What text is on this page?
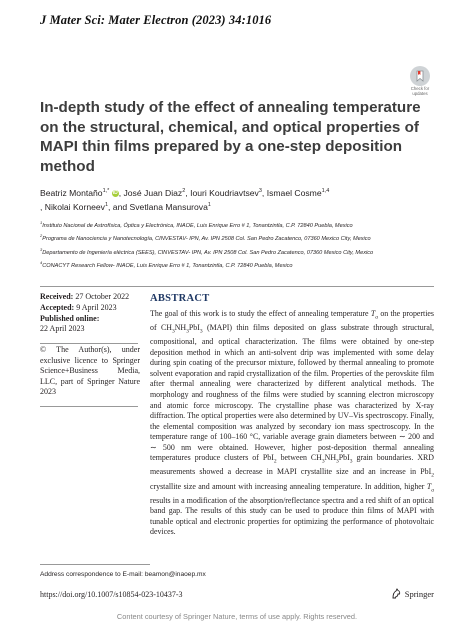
J Mater Sci: Mater Electron (2023) 34:1016
Check for updates
In-depth study of the effect of annealing temperature on the structural, chemical, and optical properties of MAPI thin films prepared by a one-step deposition method
Beatriz Montaño$^{1,*}$ iD, José Juan Diaz$^2$, Iouri Koudriavtsev$^3$, Ismael Cosme$^{1,4}$
, Nikolai Korneev$^1$, and Svetlana Mansurova$^1$
$^1$Instituto Nacional de Astrofísica, Óptica y Electrónica, INAOE, Luis Enrique Erro # 1, Tonantzintla, C.P. 72840 Puebla, Mexico
$^2$Programa de Nanociencia y Nanotecnología, CINVESTAV- IPN, Av. IPN 2508 Col. San Pedro Zacatenco, 07360 Mexico City, Mexico
$^3$Departamento de Ingeniería eléctrica (SEES), CINVESTAV- IPN, Av. IPN 2508 Col. San Pedro Zacatenco, 07360 Mexico City, Mexico
$^4$CONACYT Research Fellow- INAOE, Luis Enrique Erro # 1, Tonantzintla, C.P. 72840 Puebla, Mexico
Received: 27 October 2022
Accepted: 9 April 2023
Published online:
22 April 2023
© The Author(s), under exclusive licence to Springer Science+Business Media, LLC, part of Springer Nature 2023
ABSTRACT

The goal of this work is to study the effect of annealing temperature $T_a$ on the properties of $CH_3NH_3PbI_3$ (MAPI) thin films deposited on glass substrate through structural, compositional, and optical characterization. The films were obtained by one-step deposition method in which an anti-solvent drip was implemented with some delay during spin coating of the precursor mixture, followed by thermal annealing to promote solvent evaporation and rapid crystallization of the film. Properties of the perovskite film after thermal annealing were characterized by different analytical methods. The morphology and roughness of the films were studied by scanning electron microscopy and atomic force microscopy. The crystalline phase was characterized by X-ray diffraction. The optical properties were also determined by UV–Vis spectroscopy. Finally, the elemental composition was analyzed by secondary ion mass spectroscopy. In the temperature range of 100–160 °C, variable average grain diameters between ∼ 200 and ∼ 500 nm were obtained. However, higher post-deposition thermal annealing temperatures produce clusters of PbI$_2$ between $CH_3NH_3PbI_3$ grain boundaries. XRD measurements showed a decrease in MAPI crystallite size and an increase in PbI$_2$ crystallite size and amount with increasing annealing temperature. In addition, higher $T_a$ results in a modification of the absorption/reflectance spectra and a red shift of an optical band gap. The results of this study can be used to produce thin films of MAPI with tunable optical and electronic properties for optimizing the performance of photovoltaic devices.

Address correspondence to E-mail: beamon@inaoep.mx
https://doi.org/10.1007/s10854-023-10437-3	Springer
Content courtesy of Springer Nature, terms of use apply. Rights reserved.
